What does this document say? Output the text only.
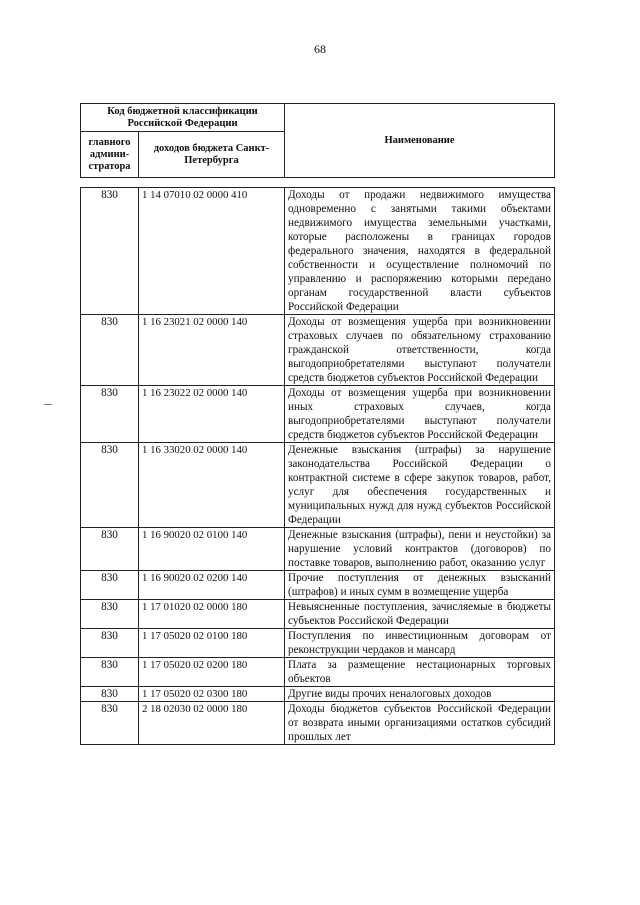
68
Код бюджетной классификации Российской Федерации		Наименование
главного админи-стратора	доходов бюджета Санкт-Петербурга	
830	1 14 07010 02 0000 410	Доходы от продажи недвижимого имущества одновременно с занятыми такими объектами недвижимого имущества земельными участками, которые расположены в границах городов федерального значения, находятся в федеральной собственности и осуществление полномочий по управлению и распоряжению которыми передано органам государственной власти субъектов Российской Федерации
830	1 16 23021 02 0000 140	Доходы от возмещения ущерба при возникновении страховых случаев по обязательному страхованию гражданской ответственности, когда выгодоприобретателями выступают получатели средств бюджетов субъектов Российской Федерации
830	1 16 23022 02 0000 140	Доходы от возмещения ущерба при возникновении иных страховых случаев, когда выгодоприобретателями выступают получатели средств бюджетов субъектов Российской Федерации
830	1 16 33020 02 0000 140	Денежные взыскания (штрафы) за нарушение законодательства Российской Федерации о контрактной системе в сфере закупок товаров, работ, услуг для обеспечения государственных и муниципальных нужд для нужд субъектов Российской Федерации
830	1 16 90020 02 0100 140	Денежные взыскания (штрафы), пени и неустойки) за нарушение условий контрактов (договоров) по поставке товаров, выполнению работ, оказанию услуг
830	1 16 90020 02 0200 140	Прочие поступления от денежных взысканий (штрафов) и иных сумм в возмещение ущерба
830	1 17 01020 02 0000 180	Невыясненные поступления, зачисляемые в бюджеты субъектов Российской Федерации
830	1 17 05020 02 0100 180	Поступления по инвестиционным договорам от реконструкции чердаков и мансард
830	1 17 05020 02 0200 180	Плата за размещение нестационарных торговых объектов
830	1 17 05020 02 0300 180	Другие виды прочих неналоговых доходов
830	2 18 02030 02 0000 180	Доходы бюджетов субъектов Российской Федерации от возврата иными организациями остатков субсидий прошлых лет
